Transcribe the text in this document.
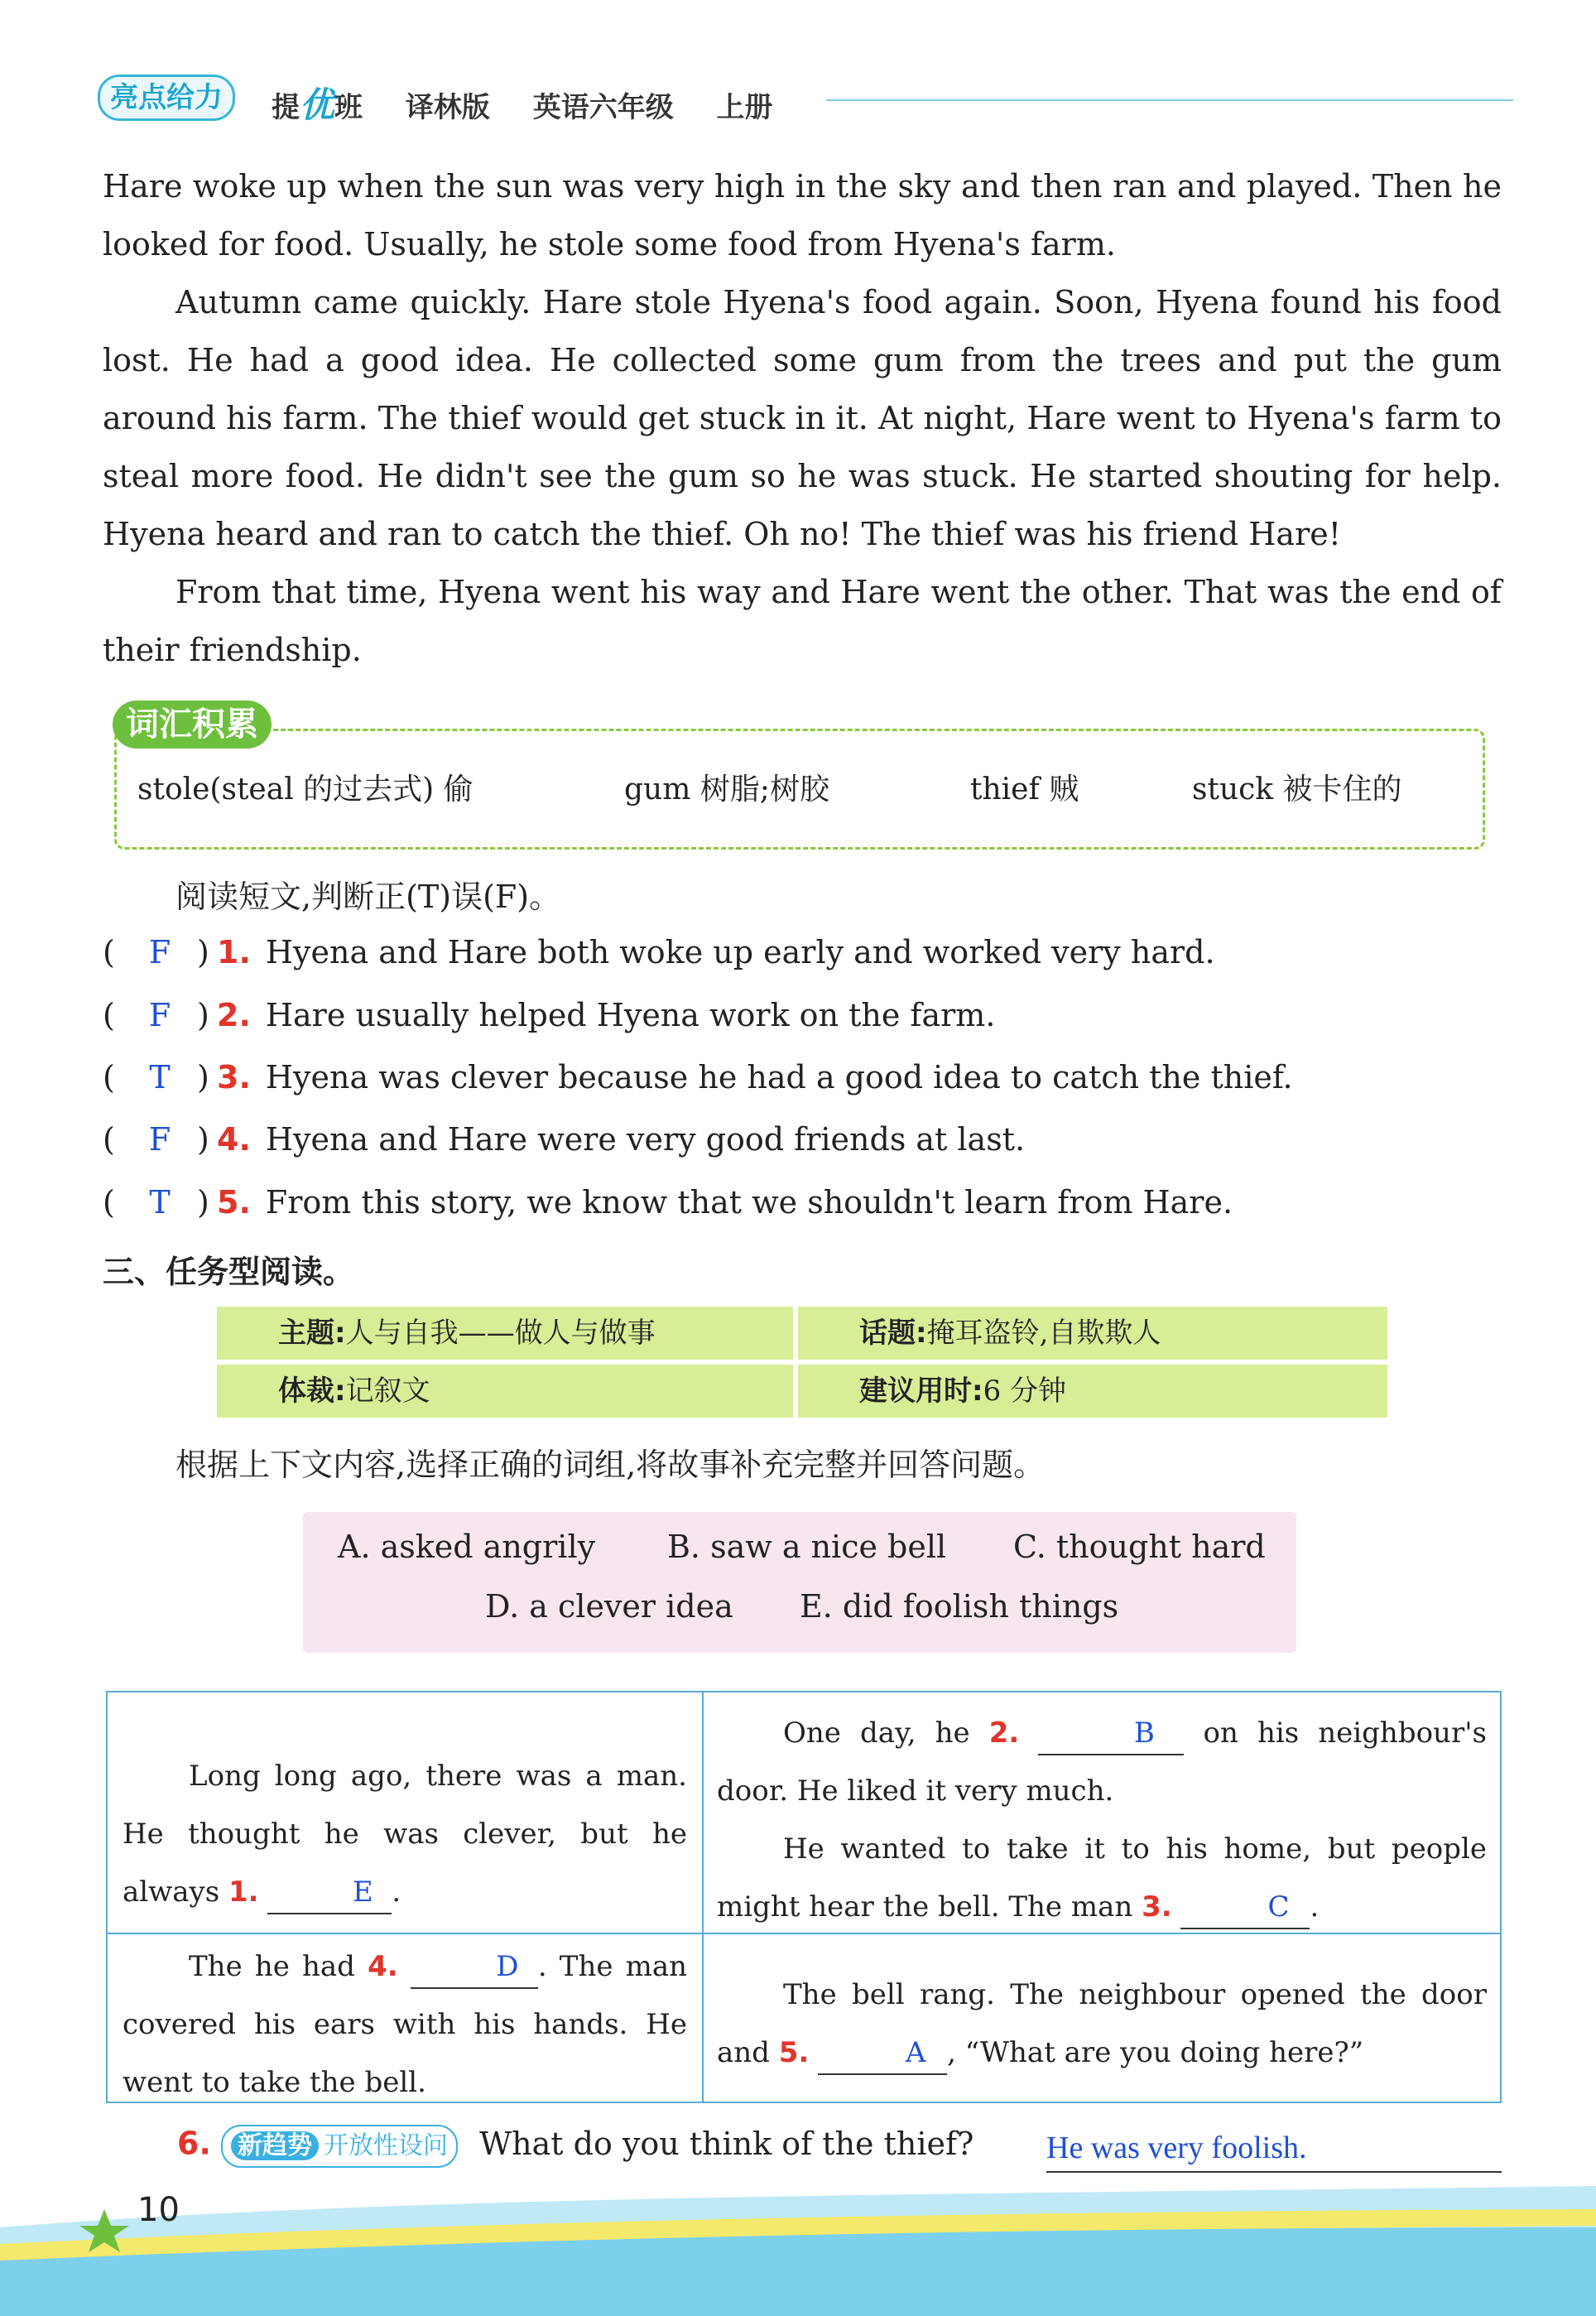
亮点给力	提优班 译林版 英语六年级 上册

Hare woke up when the sun was very high in the sky and then ran and played. Then he looked for food. Usually, he stole some food from Hyena's farm.

Autumn came quickly. Hare stole Hyena's food again. Soon, Hyena found his food lost. He had a good idea. He collected some gum from the trees and put the gum around his farm. The thief would get stuck in it. At night, Hare went to Hyena's farm to steal more food. He didn't see the gum so he was stuck. He started shouting for help. Hyena heard and ran to catch the thief. Oh no! The thief was his friend Hare!

From that time, Hyena went his way and Hare went the other. That was the end of their friendship.

词汇积累
stole(steal 的过去式) 偷	gum 树脂;树胶	thief 贼	stuck 被卡住的
阅读短文,判断正(T)误(F)。
( F ) 1. Hyena and Hare both woke up early and worked very hard.
( F ) 2. Hare usually helped Hyena work on the farm.
( T ) 3. Hyena was clever because he had a good idea to catch the thief.
( F ) 4. Hyena and Hare were very good friends at last.
( T ) 5. From this story, we know that we shouldn't learn from Hare.
三、任务型阅读。
主题:人与自我——做人与做事	话题:掩耳盗铃,自欺欺人
体裁:记叙文	建议用时:6 分钟
根据上下文内容,选择正确的词组,将故事补充完整并回答问题。
A. asked angrily B. saw a nice bell C. thought hard
D. a clever idea E. did foolish things

Long long ago, there was a man. He thought he was clever, but he always 1.	E .

One day, he 2.	B on his neighbour's door. He liked it very much.

He wanted to take it to his home, but people might hear the bell. The man 3.	C .

The he had 4.	D . The man covered his ears with his hands. He went to take the bell.

The bell rang. The neighbour opened the door and 5.	A , “What are you doing here?”

6. 新趋势 开放性设问 What do you think of the thief? He was very foolish.
10
